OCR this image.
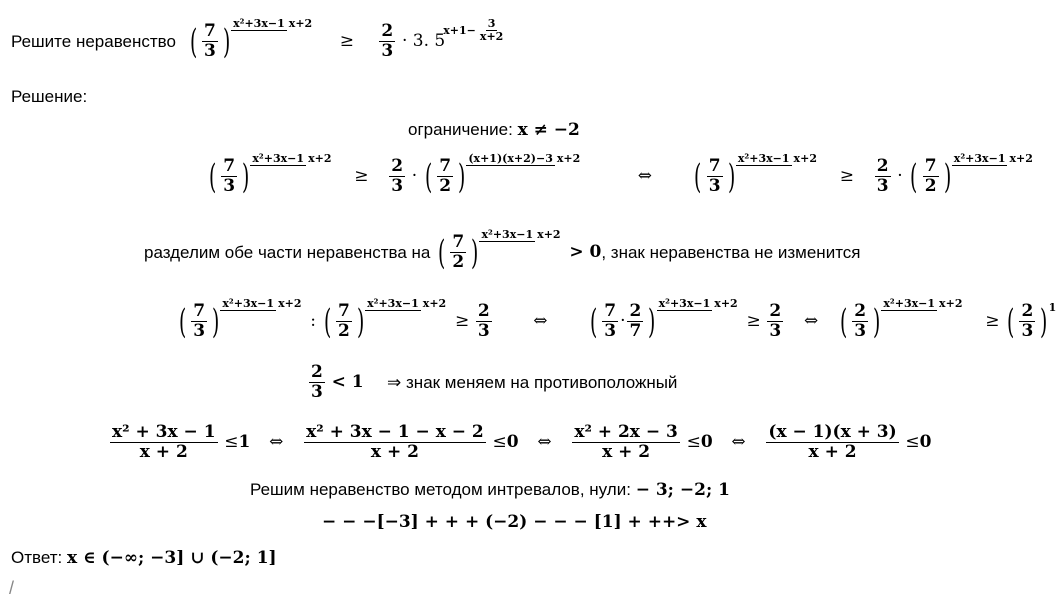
Решите неравенство ( 7
3 ) x²+3x−1 x+2
≥ $\frac{2}{3} \cdot 3$. 5
$x+1- \frac{3}{x+2}$
Решение:
ограничение: x ≠ −2
( 7
3 ) x²+3x−1 x+2
≥ $\frac{2}{3}$ · ( 7
2 ) (x+1)(x+2)−3 x+2
⇔ ( 7
3 ) x²+3x−1 x+2
≥ $\frac{2}{3}$ · ( 7
2 ) x²+3x−1 x+2
разделим обе части неравенства на ( 7
2 ) x²+3x−1 x+2
> 0, знак неравенства не изменится
( 7
3 ) x²+3x−1 x+2
: ( 7
2 ) x²+3x−1 x+2
≥ $\frac{2}{3}$ ⇔ ( 7
3 ·
2
7 ) x²+3x−1 x+2
≥ $\frac{2}{3}$ ⇔ ( 2
3 ) x²+3x−1 x+2
≥ ( 2
3 ) 1
$\frac{2}{3} < 1$ ⇒ знак меняем на противоположный
$\frac{\text{x² + 3x − 1}}{x + 2} \le 1$ ⇔ $\frac{\text{x² + 3x − 1 − x − 2}}{x + 2} \le 0$ ⇔ $\frac{\text{x² + 2x − 3}}{x + 2} \le 0$ ⇔ $\frac{(x - 1)(x + 3)}{x + 2} \le 0$
Решим неравенство методом интревалов, нули: − 3; −2; 1
− − −[−3] + + + (−2) − − − [1] + ++> x
Ответ: x ∈ (−∞; −3] ∪ (−2; 1]
/
